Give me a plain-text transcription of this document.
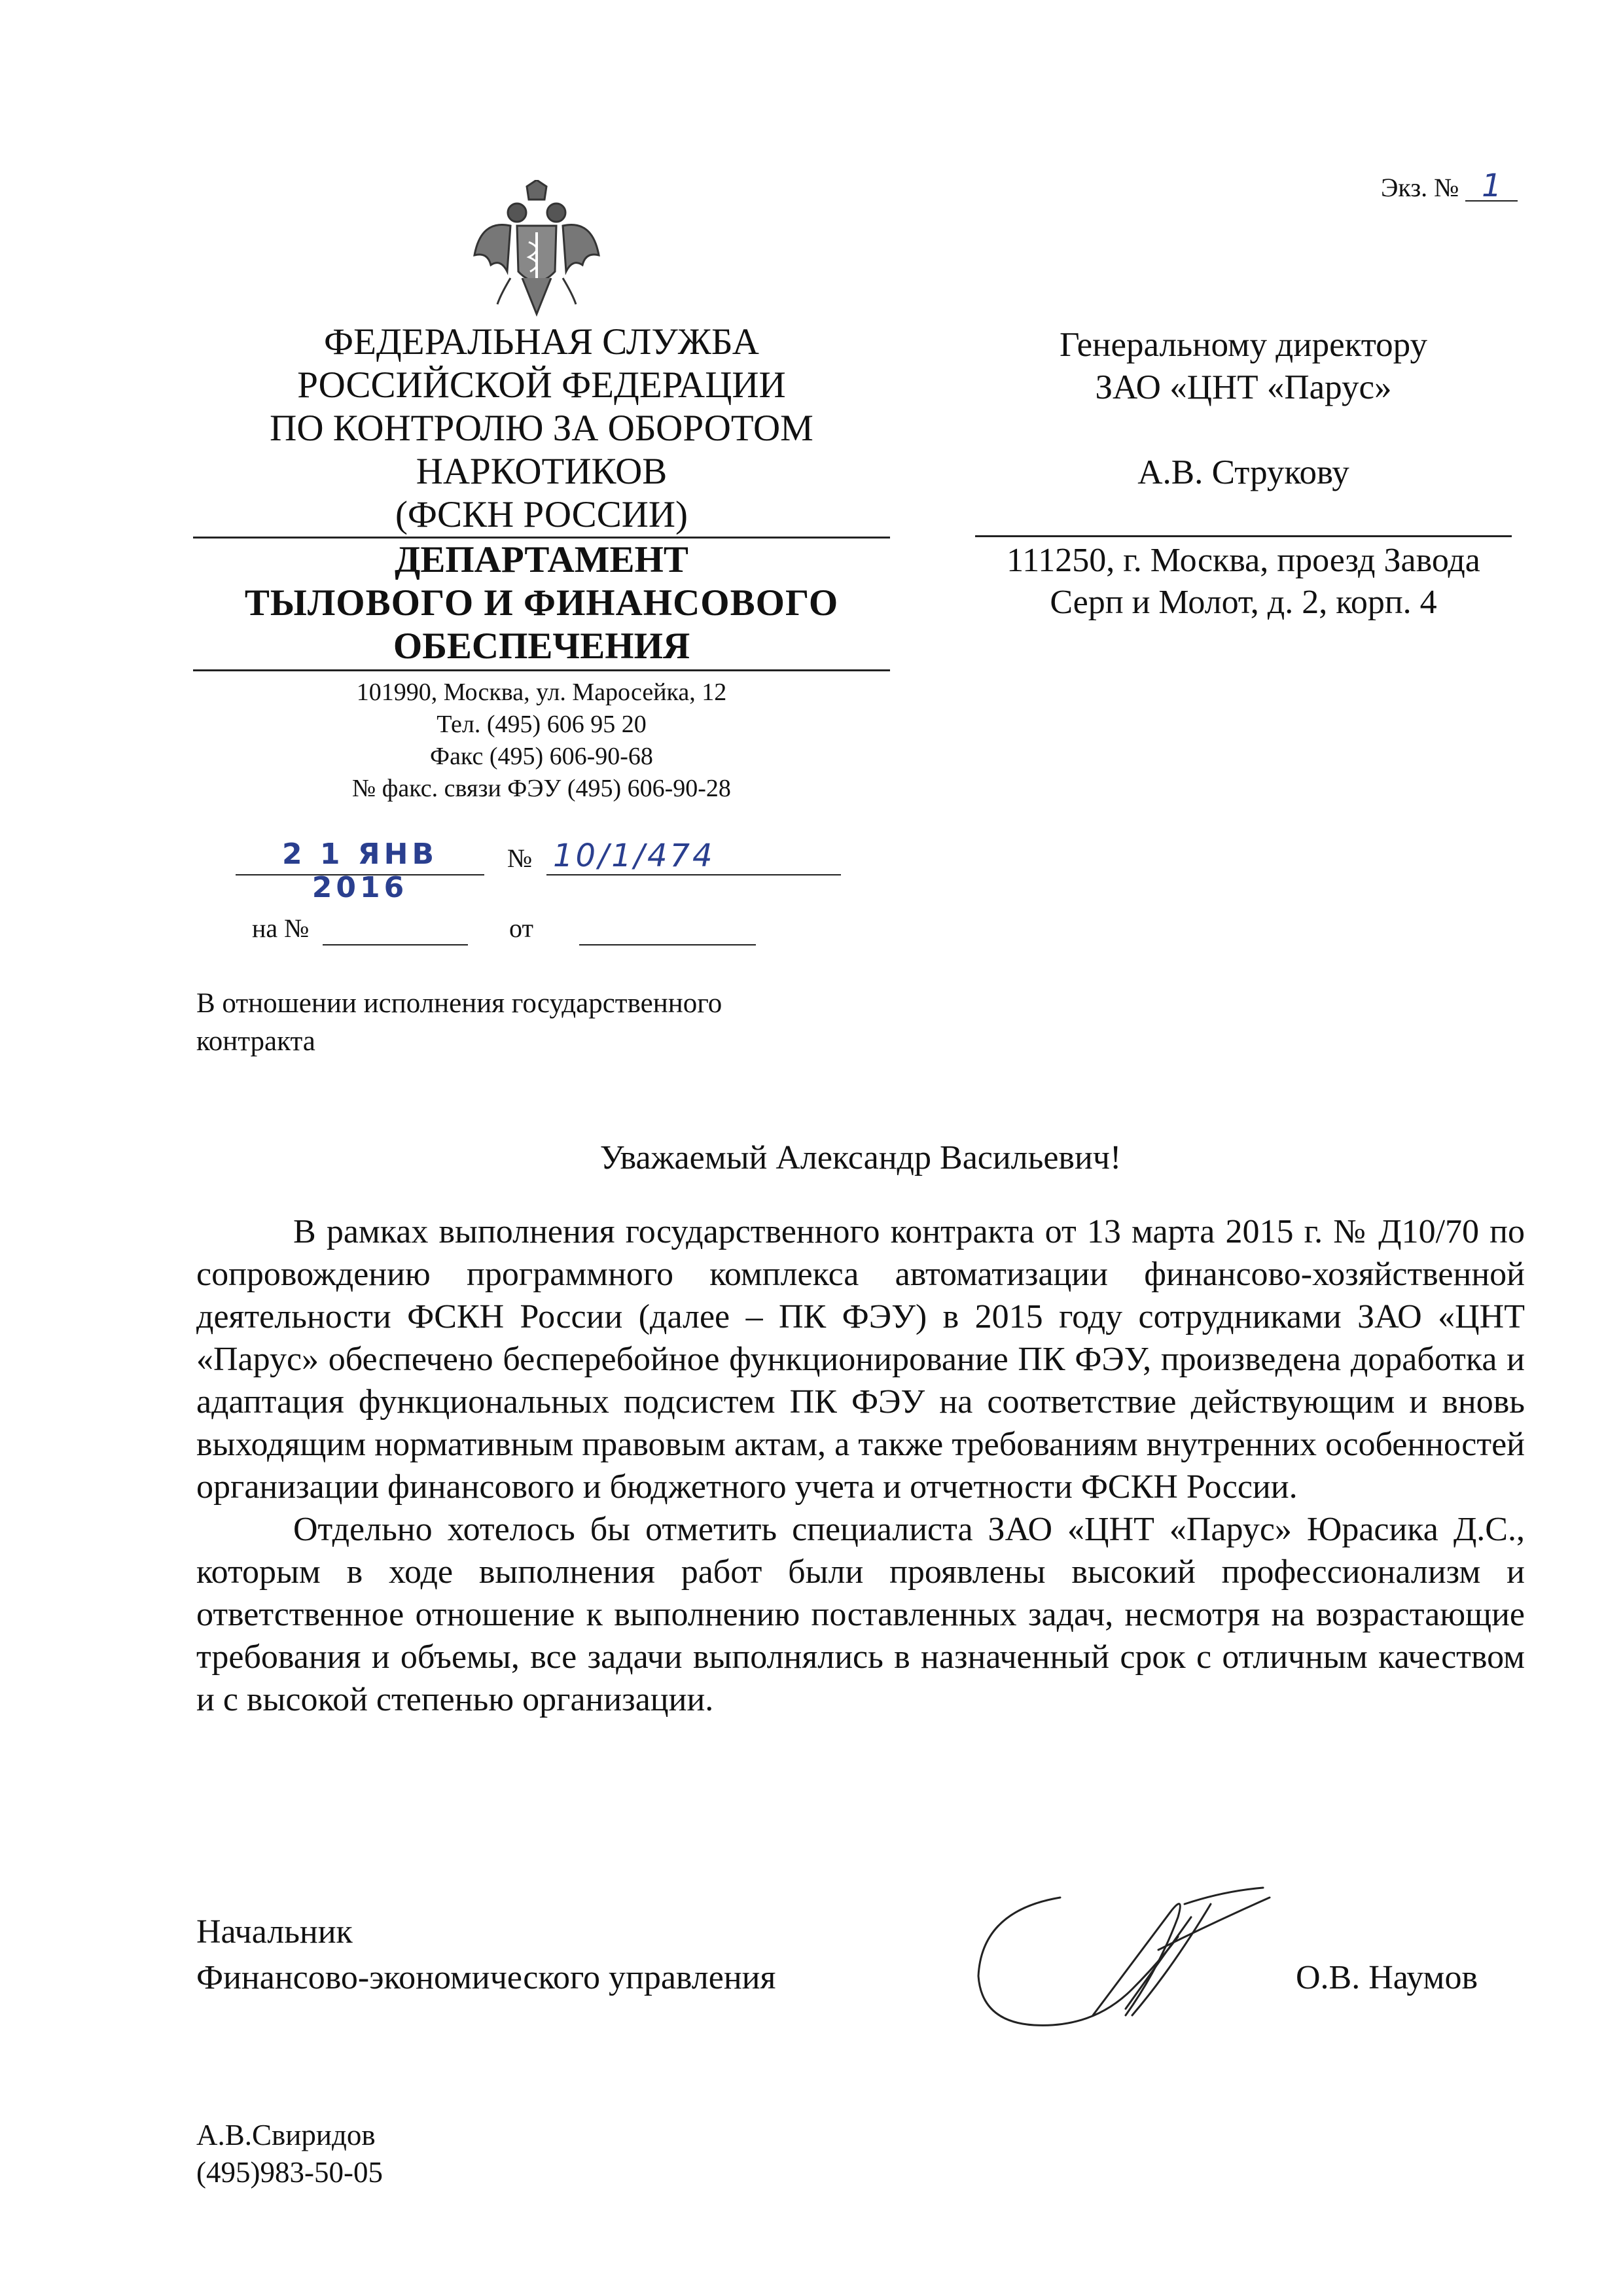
Экз. № 1
ФЕДЕРАЛЬНАЯ СЛУЖБА
РОССИЙСКОЙ ФЕДЕРАЦИИ
ПО КОНТРОЛЮ ЗА ОБОРОТОМ
НАРКОТИКОВ
(ФСКН РОССИИ)
ДЕПАРТАМЕНТ
ТЫЛОВОГО И ФИНАНСОВОГО
ОБЕСПЕЧЕНИЯ
101990, Москва, ул. Маросейка, 12
Тел. (495) 606 95 20
Факс (495) 606-90-68
№ факс. связи ФЭУ (495) 606-90-28
2 1 ЯНВ 2016
№ 10/1/474
на №	от
В отношении исполнения государственного
контракта
Генеральному директору
ЗАО «ЦНТ «Парус»
А.В. Струкову
111250, г. Москва, проезд Завода
Серп и Молот, д. 2, корп. 4
Уважаемый Александр Васильевич!

В рамках выполнения государственного контракта от 13 марта 2015 г. № Д10/70 по сопровождению программного комплекса автоматизации финансово-хозяйственной деятельности ФСКН России (далее – ПК ФЭУ) в 2015 году сотрудниками ЗАО «ЦНТ «Парус» обеспечено бесперебойное функционирование ПК ФЭУ, произведена доработка и адаптация функциональных подсистем ПК ФЭУ на соответствие действующим и вновь выходящим нормативным правовым актам, а также требованиям внутренних особенностей организации финансового и бюджетного учета и отчетности ФСКН России.

Отдельно хотелось бы отметить специалиста ЗАО «ЦНТ «Парус» Юрасика Д.С., которым в ходе выполнения работ были проявлены высокий профессионализм и ответственное отношение к выполнению поставленных задач, несмотря на возрастающие требования и объемы, все задачи выполнялись в назначенный срок с отличным качеством и с высокой степенью организации.

Начальник
Финансово-экономического управления	О.В. Наумов
А.В.Свиридов
(495)983-50-05
